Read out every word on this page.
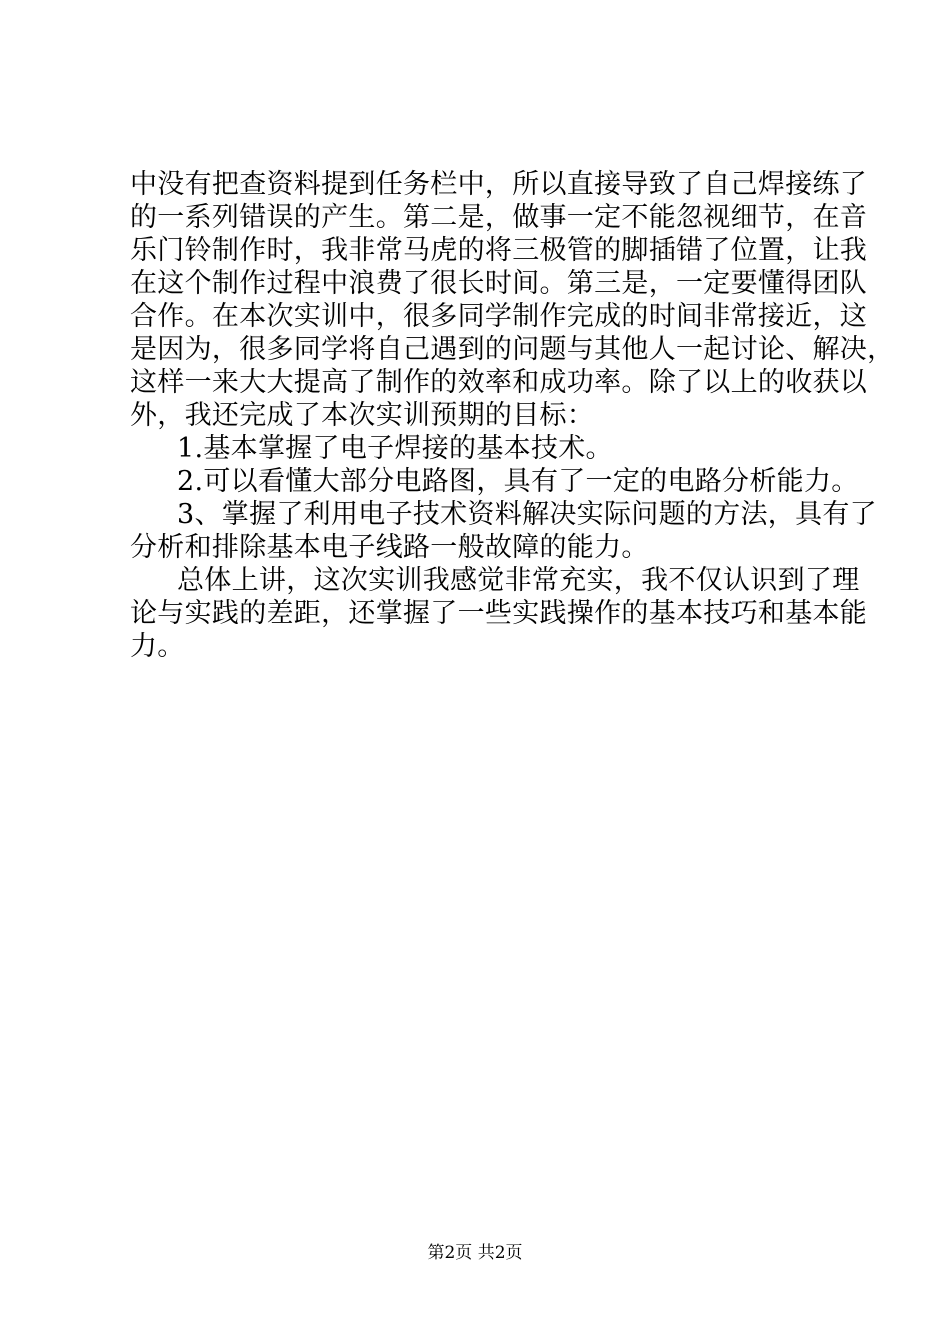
中没有把查资料提到任务栏中，所以直接导致了自己焊接练了
的一系列错误的产生。第二是，做事一定不能忽视细节，在音
乐门铃制作时，我非常马虎的将三极管的脚插错了位置，让我
在这个制作过程中浪费了很长时间。第三是，一定要懂得团队
合作。在本次实训中，很多同学制作完成的时间非常接近，这
是因为，很多同学将自己遇到的问题与其他人一起讨论、解决，
这样一来大大提高了制作的效率和成功率。除了以上的收获以
外，我还完成了本次实训预期的目标：
1.基本掌握了电子焊接的基本技术。
2.可以看懂大部分电路图，具有了一定的电路分析能力。
3、掌握了利用电子技术资料解决实际问题的方法，具有了
分析和排除基本电子线路一般故障的能力。
总体上讲，这次实训我感觉非常充实，我不仅认识到了理
论与实践的差距，还掌握了一些实践操作的基本技巧和基本能
力。
第2页 共2页
